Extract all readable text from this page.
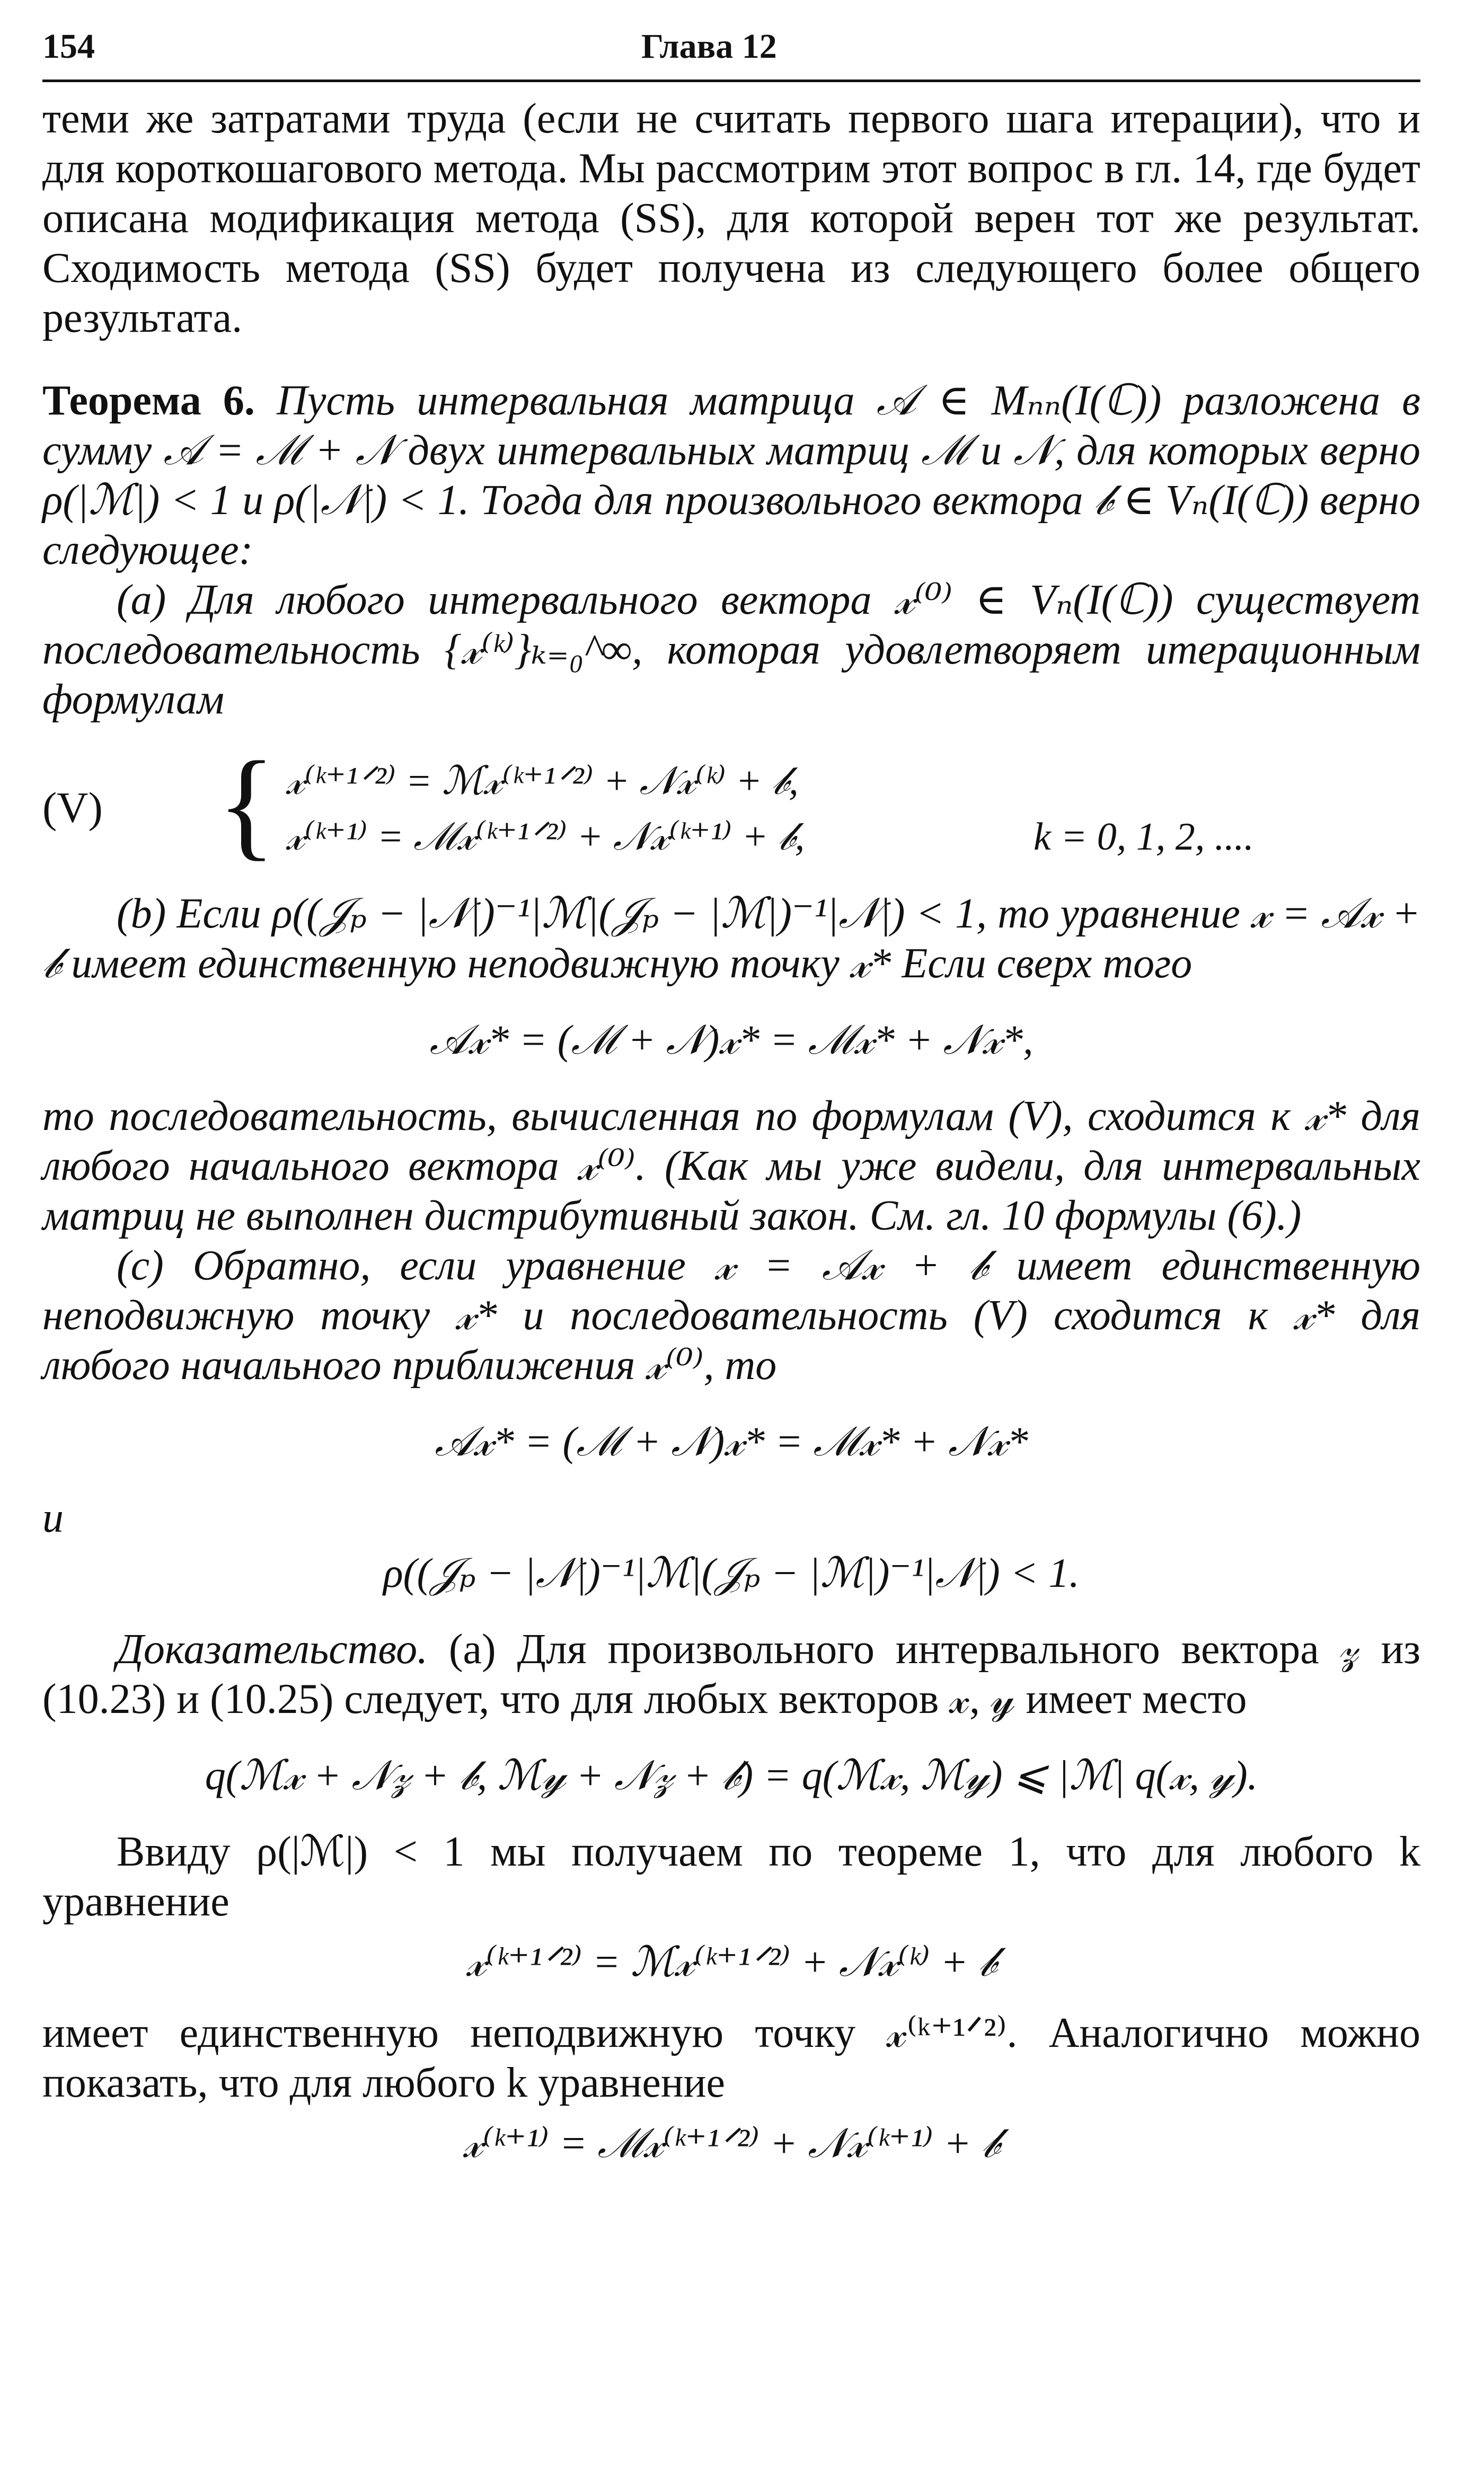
154	Глава 12

теми же затратами труда (если не считать первого шага итерации), что и для короткошагового метода. Мы рассмотрим этот вопрос в гл. 14, где будет описана модификация метода (SS), для которой верен тот же результат. Сходимость метода (SS) будет получена из следующего более общего результата.

Теорема 6. Пусть интервальная матрица 𝒜 ∈ Mₙₙ(I(ℂ)) разложена в сумму 𝒜 = ℳ + 𝒩 двух интервальных матриц ℳ и 𝒩, для которых верно ρ(|ℳ|) < 1 и ρ(|𝒩|) < 1. Тогда для произвольного вектора 𝒷 ∈ Vₙ(I(ℂ)) верно следующее:

(a) Для любого интервального вектора 𝓍⁽⁰⁾ ∈ Vₙ(I(ℂ)) существует последовательность {𝓍⁽ᵏ⁾}ₖ₌₀^∞, которая удовлетворяет итерационным формулам

(V) { 𝓍⁽ᵏ⁺¹ᐟ²⁾ = ℳ𝓍⁽ᵏ⁺¹ᐟ²⁾ + 𝒩𝓍⁽ᵏ⁾ + 𝒷,
𝓍⁽ᵏ⁺¹⁾ = ℳ𝓍⁽ᵏ⁺¹ᐟ²⁾ + 𝒩𝓍⁽ᵏ⁺¹⁾ + 𝒷,	k = 0, 1, 2, ....

(b) Если ρ((𝒥ₚ − |𝒩|)⁻¹|ℳ|(𝒥ₚ − |ℳ|)⁻¹|𝒩|) < 1, то уравнение 𝓍 = 𝒜𝓍 + 𝒷 имеет единственную неподвижную точку 𝓍* Если сверх того

𝒜𝓍* = (ℳ + 𝒩)𝓍* = ℳ𝓍* + 𝒩𝓍*,

то последовательность, вычисленная по формулам (V), сходится к 𝓍* для любого начального вектора 𝓍⁽⁰⁾. (Как мы уже видели, для интервальных матриц не выполнен дистрибутивный закон. См. гл. 10 формулы (6).)

(c) Обратно, если уравнение 𝓍 = 𝒜𝓍 + 𝒷 имеет единственную неподвижную точку 𝓍* и последовательность (V) сходится к 𝓍* для любого начального приближения 𝓍⁽⁰⁾, то

𝒜𝓍* = (ℳ + 𝒩)𝓍* = ℳ𝓍* + 𝒩𝓍*

и

ρ((𝒥ₚ − |𝒩|)⁻¹|ℳ|(𝒥ₚ − |ℳ|)⁻¹|𝒩|) < 1.

Доказательство. (a) Для произвольного интервального вектора 𝓏 из (10.23) и (10.25) следует, что для любых векторов 𝓍, 𝓎 имеет место

q(ℳ𝓍 + 𝒩𝓏 + 𝒷, ℳ𝓎 + 𝒩𝓏 + 𝒷) = q(ℳ𝓍, ℳ𝓎) ⩽ |ℳ| q(𝓍, 𝓎).

Ввиду ρ(|ℳ|) < 1 мы получаем по теореме 1, что для любого k уравнение

𝓍⁽ᵏ⁺¹ᐟ²⁾ = ℳ𝓍⁽ᵏ⁺¹ᐟ²⁾ + 𝒩𝓍⁽ᵏ⁾ + 𝒷

имеет единственную неподвижную точку 𝓍⁽ᵏ⁺¹ᐟ²⁾. Аналогично можно показать, что для любого k уравнение

𝓍⁽ᵏ⁺¹⁾ = ℳ𝓍⁽ᵏ⁺¹ᐟ²⁾ + 𝒩𝓍⁽ᵏ⁺¹⁾ + 𝒷
